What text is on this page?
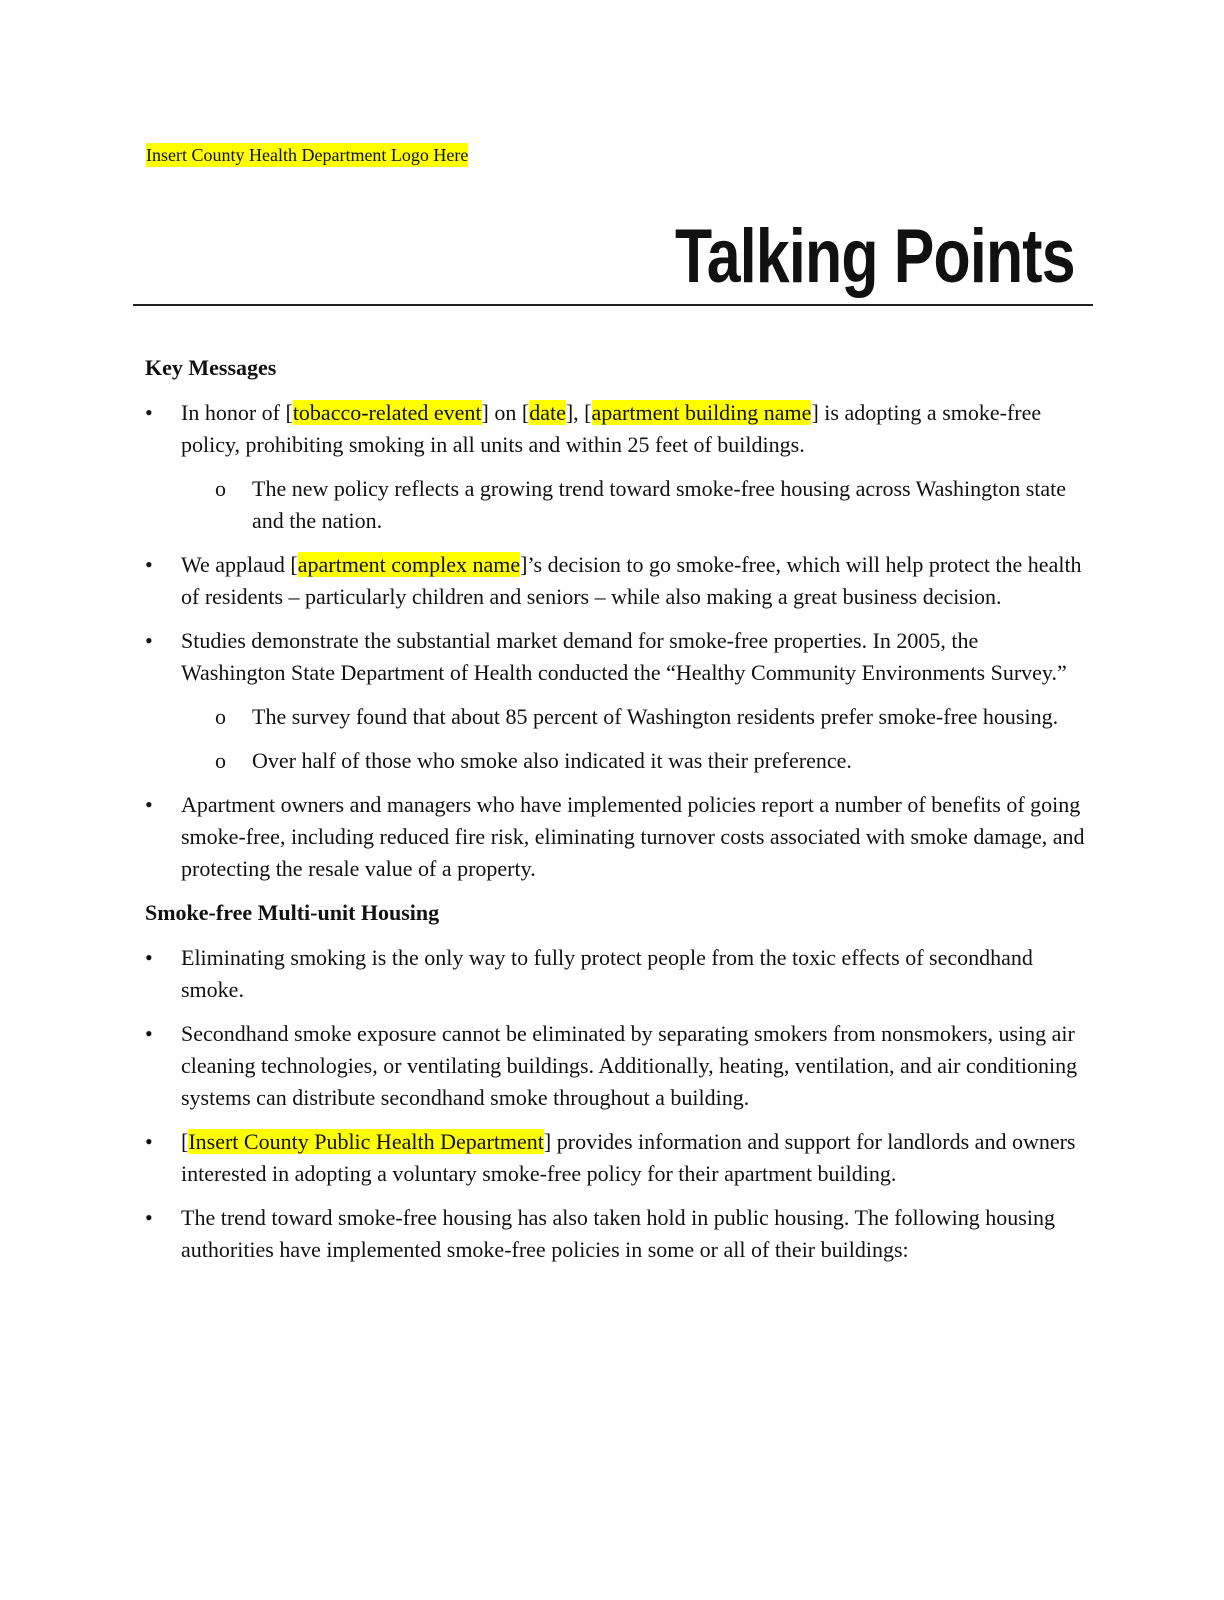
Insert County Health Department Logo Here
Talking Points
Key Messages
• In honor of [tobacco-related event] on [date], [apartment building name] is adopting a smoke-free policy, prohibiting smoking in all units and within 25 feet of buildings.
o The new policy reflects a growing trend toward smoke-free housing across Washington state and the nation.
• We applaud [apartment complex name]’s decision to go smoke-free, which will help protect the health of residents – particularly children and seniors – while also making a great business decision.
• Studies demonstrate the substantial market demand for smoke-free properties. In 2005, the Washington State Department of Health conducted the “Healthy Community Environments Survey.”
o The survey found that about 85 percent of Washington residents prefer smoke-free housing.
o Over half of those who smoke also indicated it was their preference.
• Apartment owners and managers who have implemented policies report a number of benefits of going smoke-free, including reduced fire risk, eliminating turnover costs associated with smoke damage, and protecting the resale value of a property.
Smoke-free Multi-unit Housing
• Eliminating smoking is the only way to fully protect people from the toxic effects of secondhand smoke.
• Secondhand smoke exposure cannot be eliminated by separating smokers from nonsmokers, using air cleaning technologies, or ventilating buildings. Additionally, heating, ventilation, and air conditioning systems can distribute secondhand smoke throughout a building.
• [Insert County Public Health Department] provides information and support for landlords and owners interested in adopting a voluntary smoke-free policy for their apartment building.
• The trend toward smoke-free housing has also taken hold in public housing. The following housing authorities have implemented smoke-free policies in some or all of their buildings:
